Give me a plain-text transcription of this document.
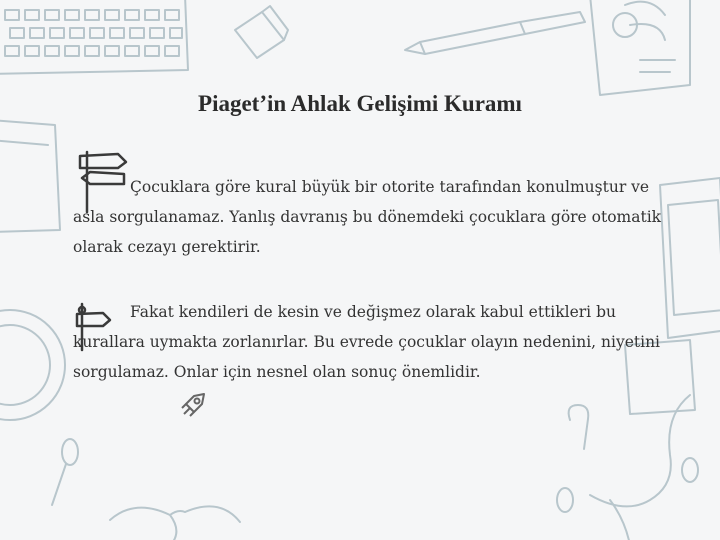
Piaget’in Ahlak Gelişimi Kuramı
Çocuklara göre kural büyük bir otorite tarafından konulmuştur ve asla sorgulanamaz. Yanlış davranış bu dönemdeki çocuklara göre otomatik olarak cezayı gerektirir.
Fakat kendileri de kesin ve değişmez olarak kabul ettikleri bu kurallara uymakta zorlanırlar. Bu evrede çocuklar olayın nedenini, niyetini sorgulamaz. Onlar için nesnel olan sonuç önemlidir.
